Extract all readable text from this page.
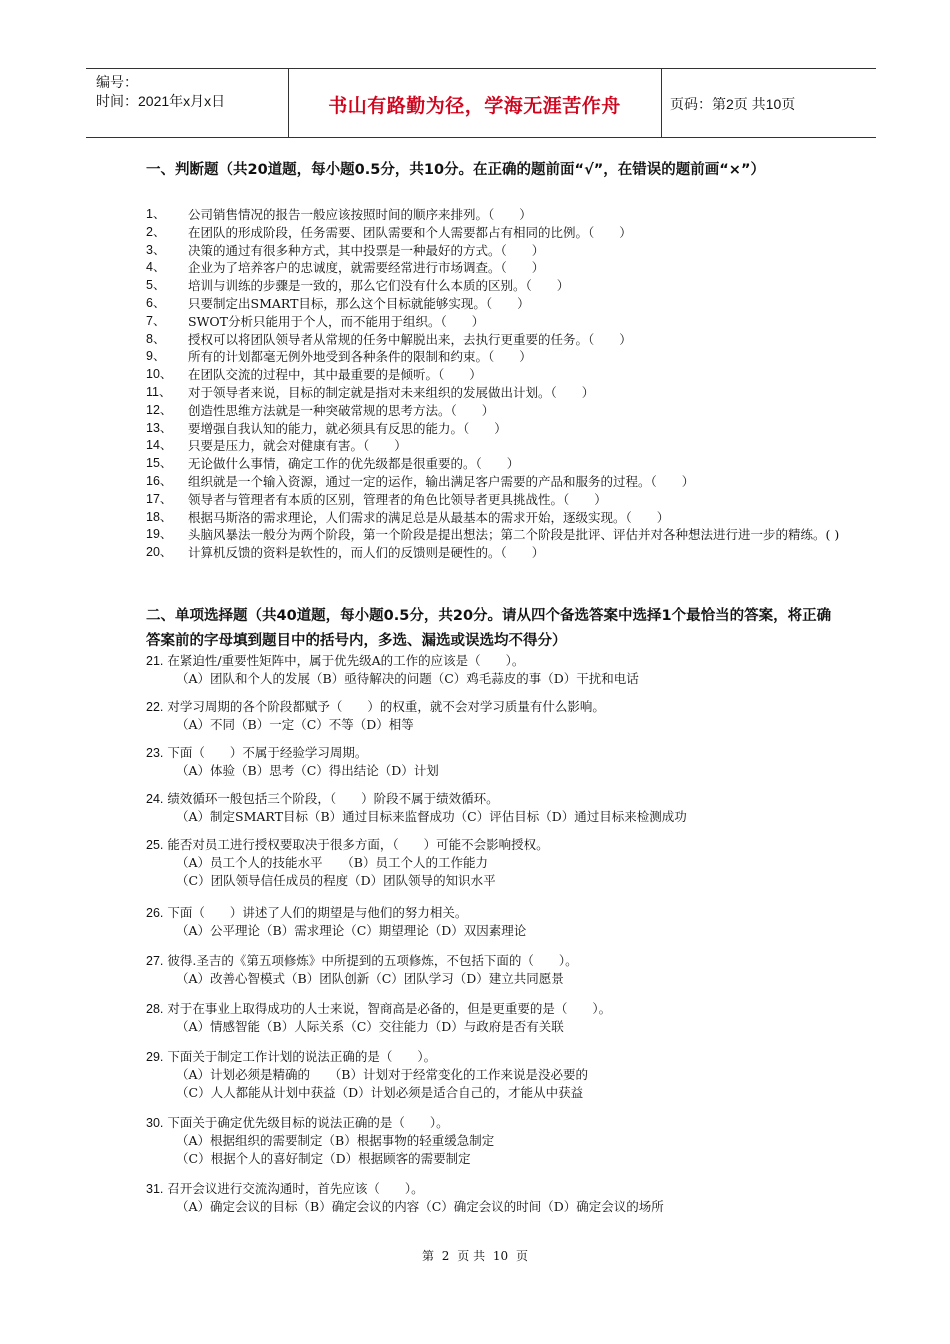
编号：
时间：2021年x月x日	书山有路勤为径，学海无涯苦作舟	页码：第2页 共10页
一、判断题（共20道题，每小题0.5分，共10分。在正确的题前面“√”，在错误的题前画“×”）
1、 公司销售情况的报告一般应该按照时间的顺序来排列。（　　）
2、 在团队的形成阶段，任务需要、团队需要和个人需要都占有相同的比例。（　　）
3、 决策的通过有很多种方式，其中投票是一种最好的方式。（　　）
4、 企业为了培养客户的忠诚度，就需要经常进行市场调查。（　　）
5、 培训与训练的步骤是一致的，那么它们没有什么本质的区别。（　　）
6、 只要制定出SMART目标，那么这个目标就能够实现。（　　）
7、 SWOT分析只能用于个人，而不能用于组织。（　　）
8、 授权可以将团队领导者从常规的任务中解脱出来，去执行更重要的任务。（　　）
9、 所有的计划都毫无例外地受到各种条件的限制和约束。（　　）
10、 在团队交流的过程中，其中最重要的是倾听。（　　）
11、 对于领导者来说，目标的制定就是指对未来组织的发展做出计划。（　　）
12、 创造性思维方法就是一种突破常规的思考方法。（　　）
13、 要增强自我认知的能力，就必须具有反思的能力。（　　）
14、 只要是压力，就会对健康有害。（　　）
15、 无论做什么事情，确定工作的优先级都是很重要的。（　　）
16、 组织就是一个输入资源，通过一定的运作，输出满足客户需要的产品和服务的过程。（　　）
17、 领导者与管理者有本质的区别，管理者的角色比领导者更具挑战性。（　　）
18、 根据马斯洛的需求理论，人们需求的满足总是从最基本的需求开始，逐级实现。（　　）
19、 头脑风暴法一般分为两个阶段，第一个阶段是提出想法；第二个阶段是批评、评估并对各种想法进行进一步的精练。( )
20、 计算机反馈的资料是软性的，而人们的反馈则是硬性的。（　　）
二、单项选择题（共40道题，每小题0.5分，共20分。请从四个备选答案中选择1个最恰当的答案，将正确答案前的字母填到题目中的括号内，多选、漏选或误选均不得分）
21. 在紧迫性/重要性矩阵中，属于优先级A的工作的应该是（　　）。
（A）团队和个人的发展（B）亟待解决的问题（C）鸡毛蒜皮的事（D）干扰和电话
22. 对学习周期的各个阶段都赋予（　　）的权重，就不会对学习质量有什么影响。
（A）不同（B）一定（C）不等（D）相等
23. 下面（　　）不属于经验学习周期。
（A）体验（B）思考（C）得出结论（D）计划
24. 绩效循环一般包括三个阶段，（　　）阶段不属于绩效循环。
（A）制定SMART目标（B）通过目标来监督成功（C）评估目标（D）通过目标来检测成功
25. 能否对员工进行授权要取决于很多方面，（　　）可能不会影响授权。
（A）员工个人的技能水平　　（B）员工个人的工作能力
（C）团队领导信任成员的程度（D）团队领导的知识水平
26. 下面（　　）讲述了人们的期望是与他们的努力相关。
（A）公平理论（B）需求理论（C）期望理论（D）双因素理论
27. 彼得.圣吉的《第五项修炼》中所提到的五项修炼，不包括下面的（　　）。
（A）改善心智模式（B）团队创新（C）团队学习（D）建立共同愿景
28. 对于在事业上取得成功的人士来说，智商高是必备的，但是更重要的是（　　）。
（A）情感智能（B）人际关系（C）交往能力（D）与政府是否有关联
29. 下面关于制定工作计划的说法正确的是（　　）。
（A）计划必须是精确的　　（B）计划对于经常变化的工作来说是没必要的
（C）人人都能从计划中获益（D）计划必须是适合自己的，才能从中获益
30. 下面关于确定优先级目标的说法正确的是（　　）。
（A）根据组织的需要制定（B）根据事物的轻重缓急制定
（C）根据个人的喜好制定（D）根据顾客的需要制定
31. 召开会议进行交流沟通时，首先应该（　　）。
（A）确定会议的目标（B）确定会议的内容（C）确定会议的时间（D）确定会议的场所
第 2 页 共 10 页
